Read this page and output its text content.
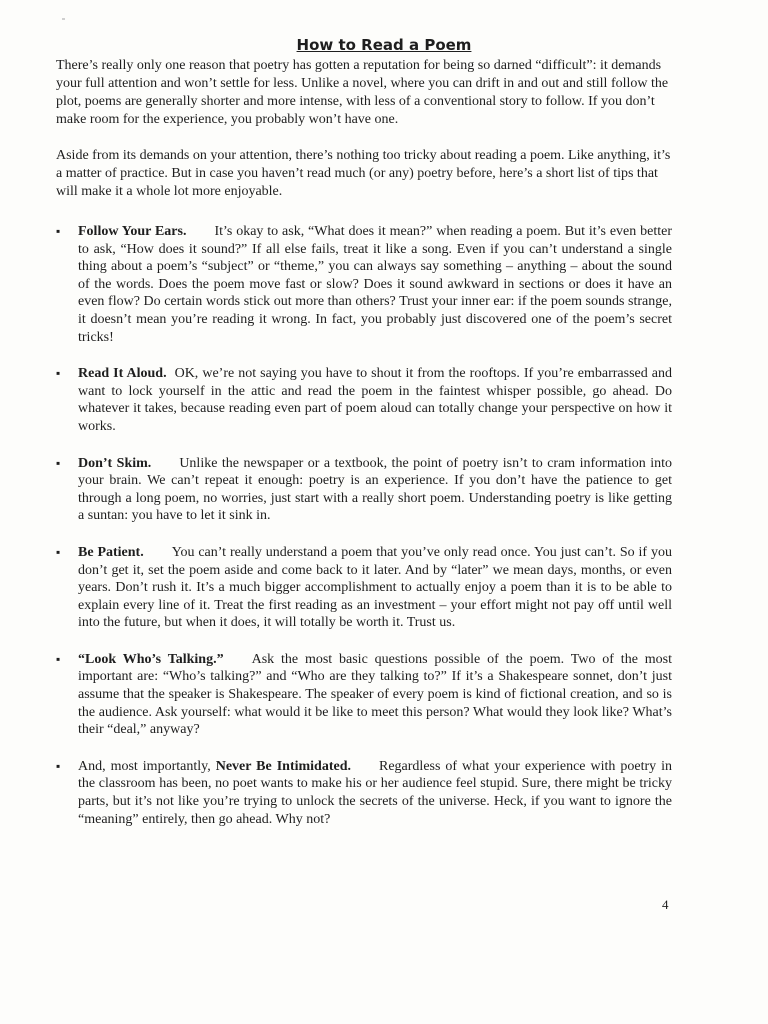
How to Read a Poem

There’s really only one reason that poetry has gotten a reputation for being so darned “difficult”: it demands your full attention and won’t settle for less. Unlike a novel, where you can drift in and out and still follow the plot, poems are generally shorter and more intense, with less of a conventional story to follow. If you don’t make room for the experience, you probably won’t have one.

Aside from its demands on your attention, there’s nothing too tricky about reading a poem. Like anything, it’s a matter of practice. But in case you haven’t read much (or any) poetry before, here’s a short list of tips that will make it a whole lot more enjoyable.

▪ Follow Your Ears. It’s okay to ask, “What does it mean?” when reading a poem. But it’s even better to ask, “How does it sound?” If all else fails, treat it like a song. Even if you can’t understand a single thing about a poem’s “subject” or “theme,” you can always say something – anything – about the sound of the words. Does the poem move fast or slow? Does it sound awkward in sections or does it have an even flow? Do certain words stick out more than others? Trust your inner ear: if the poem sounds strange, it doesn’t mean you’re reading it wrong. In fact, you probably just discovered one of the poem’s secret tricks!
▪ Read It Aloud. OK, we’re not saying you have to shout it from the rooftops. If you’re embarrassed and want to lock yourself in the attic and read the poem in the faintest whisper possible, go ahead. Do whatever it takes, because reading even part of poem aloud can totally change your perspective on how it works.
▪ Don’t Skim. Unlike the newspaper or a textbook, the point of poetry isn’t to cram information into your brain. We can’t repeat it enough: poetry is an experience. If you don’t have the patience to get through a long poem, no worries, just start with a really short poem. Understanding poetry is like getting a suntan: you have to let it sink in.
▪ Be Patient. You can’t really understand a poem that you’ve only read once. You just can’t. So if you don’t get it, set the poem aside and come back to it later. And by “later” we mean days, months, or even years. Don’t rush it. It’s a much bigger accomplishment to actually enjoy a poem than it is to be able to explain every line of it. Treat the first reading as an investment – your effort might not pay off until well into the future, but when it does, it will totally be worth it. Trust us.
▪ “Look Who’s Talking.” Ask the most basic questions possible of the poem. Two of the most important are: “Who’s talking?” and “Who are they talking to?” If it’s a Shakespeare sonnet, don’t just assume that the speaker is Shakespeare. The speaker of every poem is kind of fictional creation, and so is the audience. Ask yourself: what would it be like to meet this person? What would they look like? What’s their “deal,” anyway?
▪ And, most importantly, Never Be Intimidated. Regardless of what your experience with poetry in the classroom has been, no poet wants to make his or her audience feel stupid. Sure, there might be tricky parts, but it’s not like you’re trying to unlock the secrets of the universe. Heck, if you want to ignore the “meaning” entirely, then go ahead. Why not?
4
